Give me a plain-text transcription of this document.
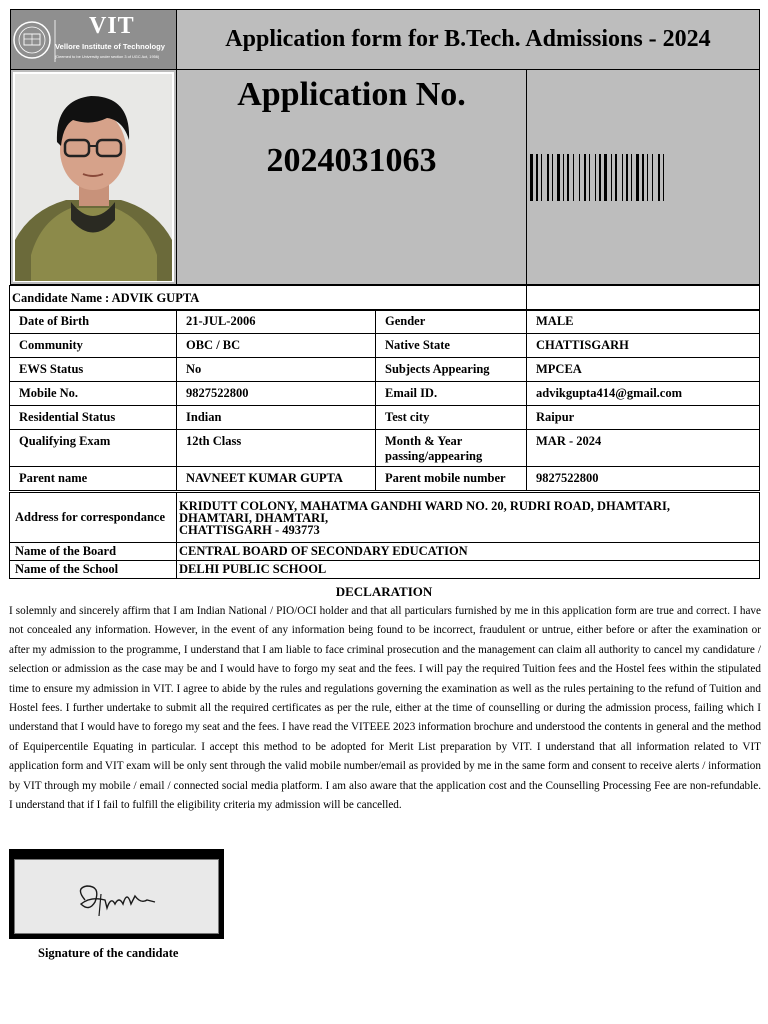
VIT
Vellore Institute of Technology
(Deemed to be University under section 3 of UGC Act, 1956)
Application form for B.Tech. Admissions - 2024
Application No.
2024031063
Candidate Name : ADVIK GUPTA	
Date of Birth	21-JUL-2006	Gender	MALE
Community	OBC / BC	Native State	CHATTISGARH
EWS Status	No	Subjects Appearing	MPCEA
Mobile No.	9827522800	Email ID.	advikgupta414@gmail.com
Residential Status	Indian	Test city	Raipur
Qualifying Exam	12th Class	Month & Year passing/appearing	MAR - 2024
Parent name	NAVNEET KUMAR GUPTA	Parent mobile number	9827522800
Address for correspondance	KRIDUTT COLONY, MAHATMA GANDHI WARD NO. 20, RUDRI ROAD, DHAMTARI,
DHAMTARI, DHAMTARI,
CHATTISGARH - 493773

Name of the Board	CENTRAL BOARD OF SECONDARY EDUCATION
Name of the School	DELHI PUBLIC SCHOOL
DECLARATION
I solemnly and sincerely affirm that I am Indian National / PIO/OCI holder and that all particulars furnished by me in this application form are true and correct. I have not concealed any information. However, in the event of any information being found to be incorrect, fraudulent or untrue, either before or after the examination or after my admission to the programme, I understand that I am liable to face criminal prosecution and the management can claim all authority to cancel my candidature / selection or admission as the case may be and I would have to forgo my seat and the fees. I will pay the required Tuition fees and the Hostel fees within the stipulated time to ensure my admission in VIT. I agree to abide by the rules and regulations governing the examination as well as the rules pertaining to the refund of Tuition and Hostel fees. I further undertake to submit all the required certificates as per the rule, either at the time of counselling or during the admission process, failing which I understand that I would have to forego my seat and the fees. I have read the VITEEE 2023 information brochure and understood the contents in general and the method of Equipercentile Equating in particular. I accept this method to be adopted for Merit List preparation by VIT. I understand that all information related to VIT application form and VIT exam will be only sent through the valid mobile number/email as provided by me in the same form and consent to receive alerts / information by VIT through my mobile / email / connected social media platform. I am also aware that the application cost and the Counselling Processing Fee are non-refundable. I understand that if I fail to fulfill the eligibility criteria my admission will be cancelled.
Signature of the candidate
